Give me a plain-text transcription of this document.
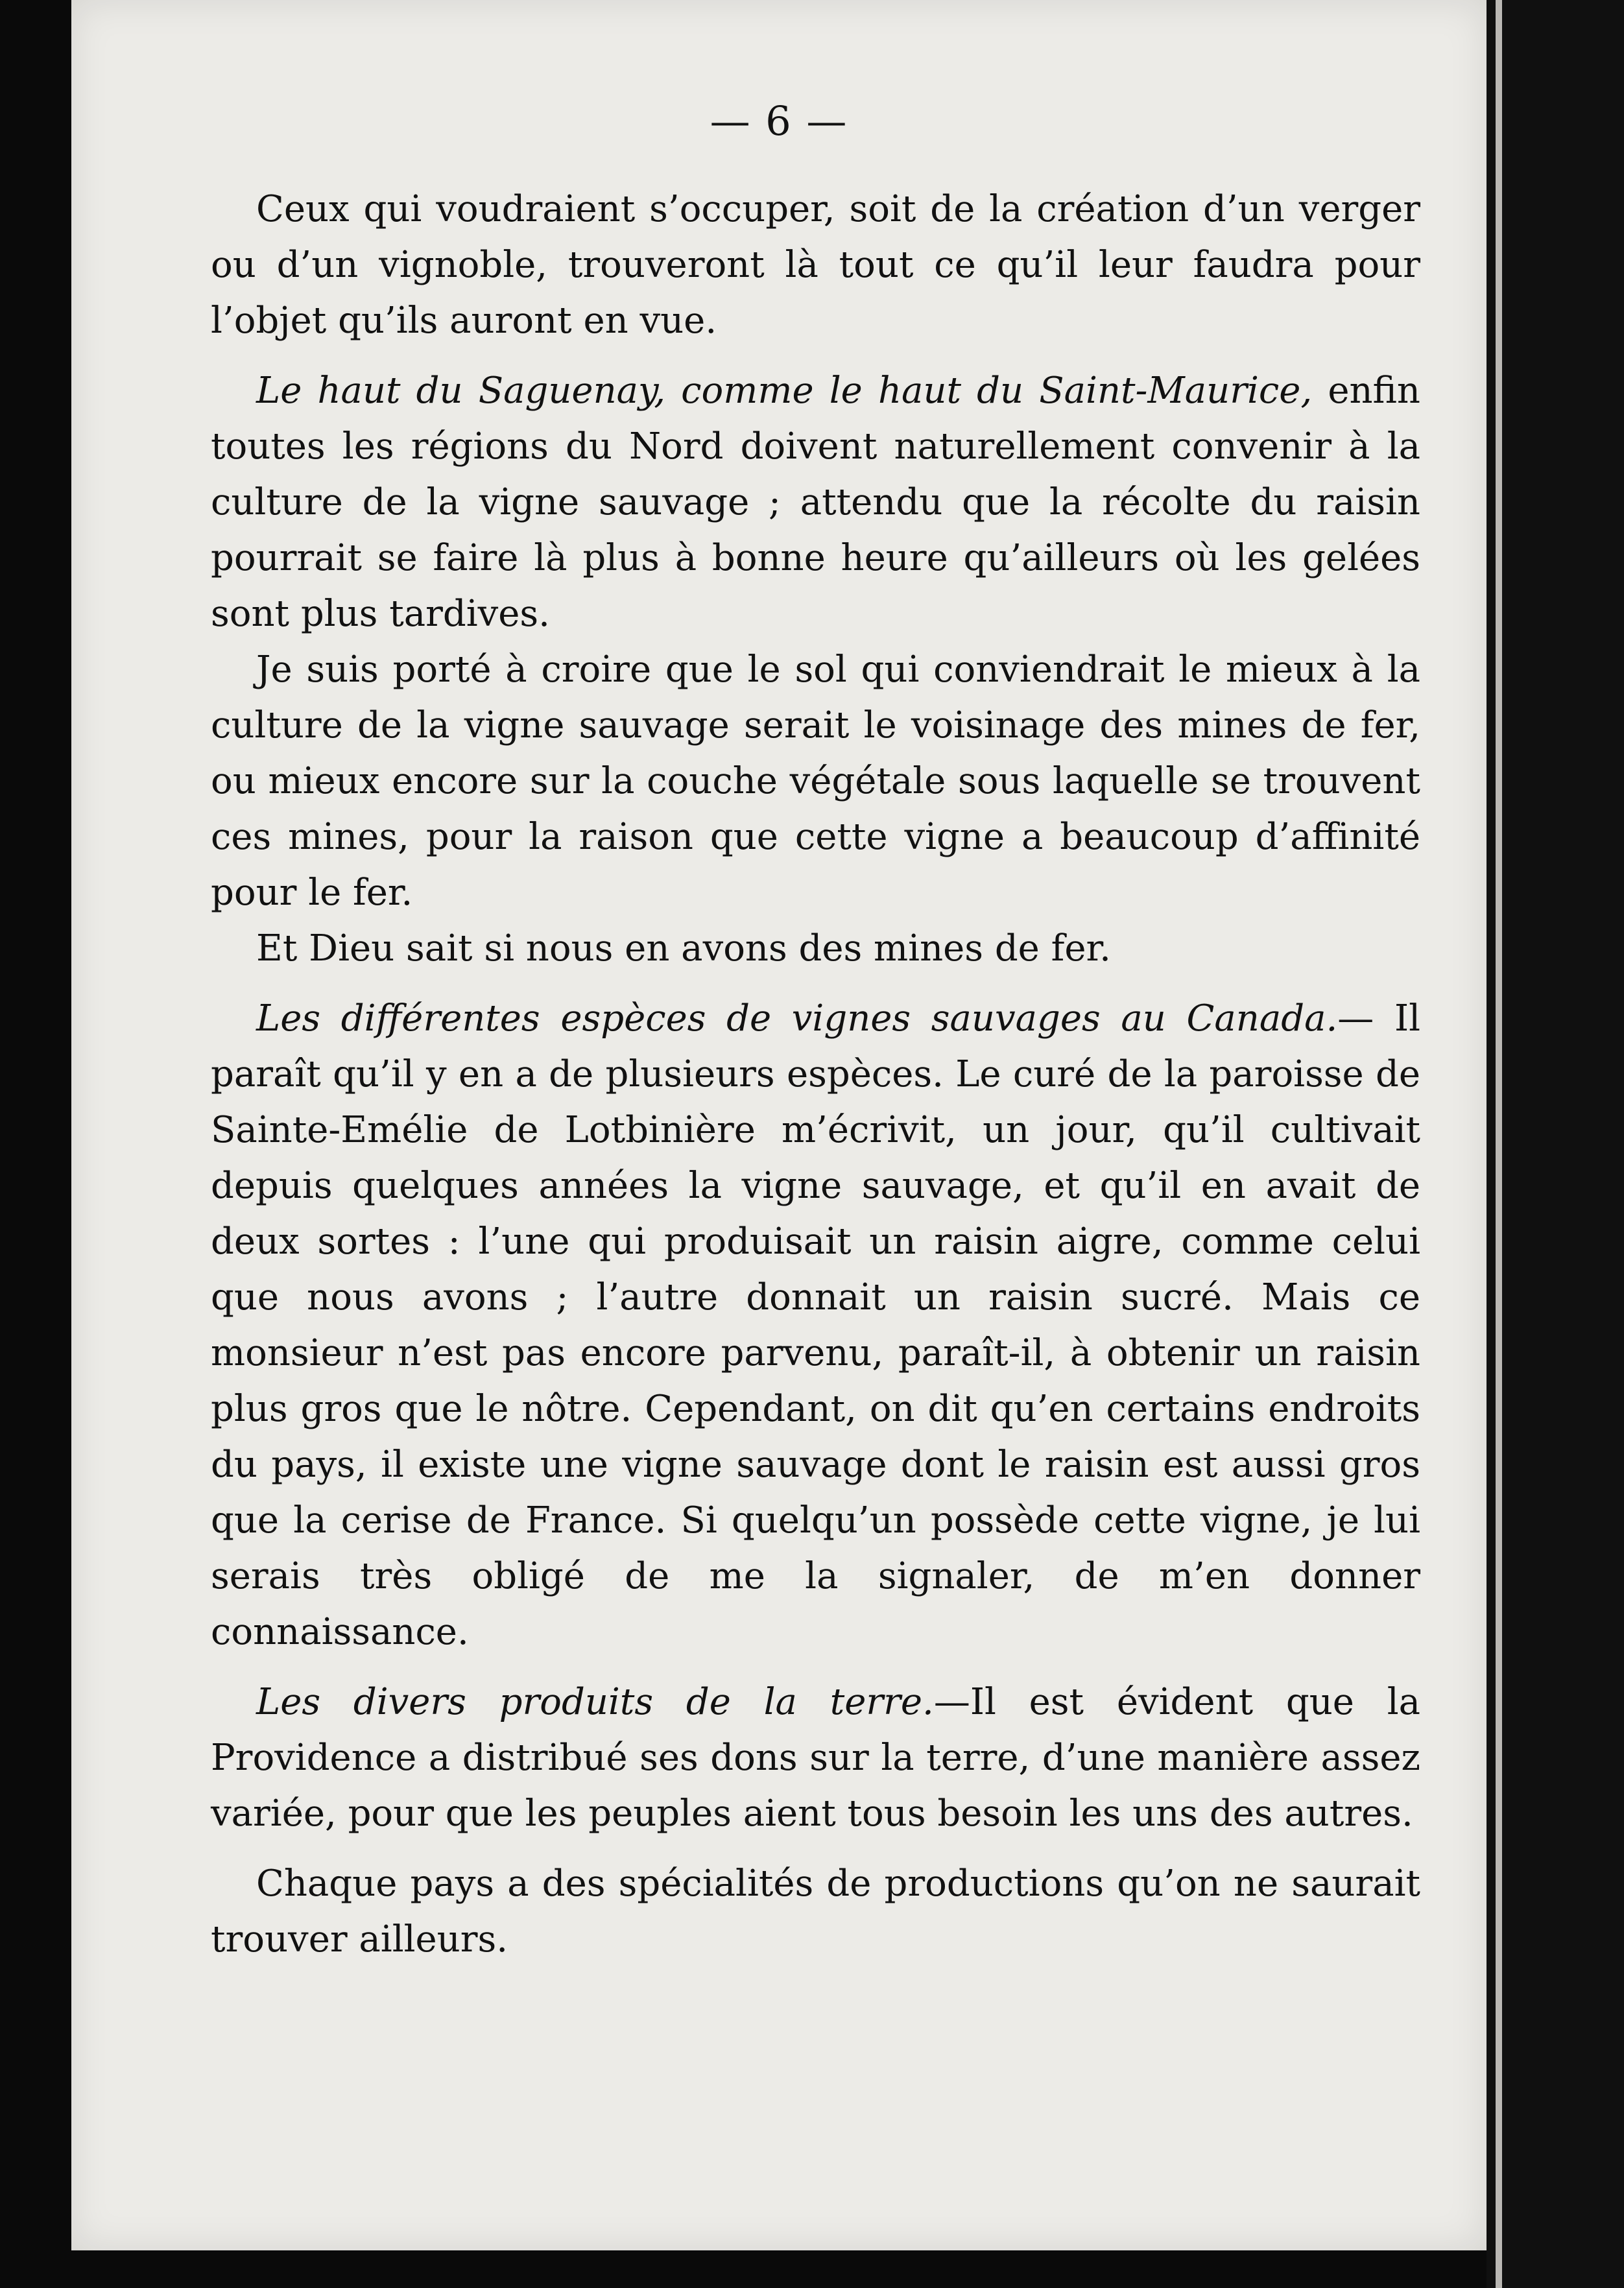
— 6 —

Ceux qui voudraient s’occuper, soit de la création d’un verger ou d’un vignoble, trouveront là tout ce qu’il leur faudra pour l’objet qu’ils auront en vue.

Le haut du Saguenay, comme le haut du Saint-Maurice, enfin toutes les régions du Nord doivent naturellement convenir à la culture de la vigne sauvage ; attendu que la récolte du raisin pourrait se faire là plus à bonne heure qu’ailleurs où les gelées sont plus tardives.

Je suis porté à croire que le sol qui conviendrait le mieux à la culture de la vigne sauvage serait le voisinage des mines de fer, ou mieux encore sur la couche végétale sous laquelle se trouvent ces mines, pour la raison que cette vigne a beaucoup d’affinité pour le fer.

Et Dieu sait si nous en avons des mines de fer.

Les différentes espèces de vignes sauvages au Canada.— Il paraît qu’il y en a de plusieurs espèces. Le curé de la paroisse de Sainte-Emélie de Lotbinière m’écrivit, un jour, qu’il cultivait depuis quelques années la vigne sauvage, et qu’il en avait de deux sortes : l’une qui produisait un raisin aigre, comme celui que nous avons ; l’autre donnait un raisin sucré. Mais ce monsieur n’est pas encore parvenu, paraît-il, à obtenir un raisin plus gros que le nôtre. Cependant, on dit qu’en certains endroits du pays, il existe une vigne sauvage dont le raisin est aussi gros que la cerise de France. Si quelqu’un possède cette vigne, je lui serais très obligé de me la signaler, de m’en donner connaissance.

Les divers produits de la terre.—Il est évident que la Providence a distribué ses dons sur la terre, d’une manière assez variée, pour que les peuples aient tous besoin les uns des autres.

Chaque pays a des spécialités de productions qu’on ne saurait trouver ailleurs.
